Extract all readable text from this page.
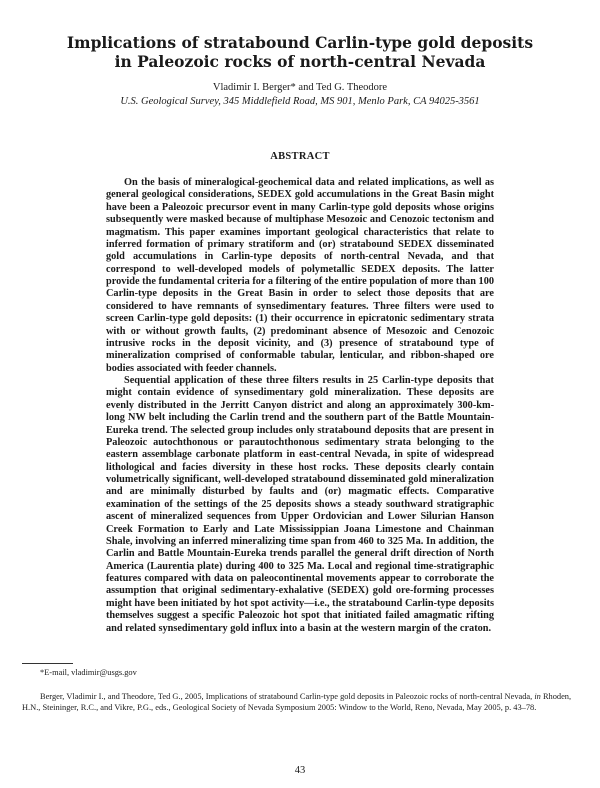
Implications of stratabound Carlin-type gold deposits
in Paleozoic rocks of north-central Nevada
Vladimir I. Berger* and Ted G. Theodore
U.S. Geological Survey, 345 Middlefield Road, MS 901, Menlo Park, CA 94025-3561
ABSTRACT

On the basis of mineralogical-geochemical data and related implications, as well as general geological considerations, SEDEX gold accumulations in the Great Basin might have been a Paleozoic precursor event in many Carlin-type gold deposits whose origins subsequently were masked because of multiphase Mesozoic and Cenozoic tectonism and magmatism. This paper examines important geological characteristics that relate to inferred formation of primary stratiform and (or) stratabound SEDEX disseminated gold accumulations in Carlin-type deposits of north-central Nevada, and that correspond to well-developed models of polymetallic SEDEX deposits. The latter provide the fundamental criteria for a filtering of the entire population of more than 100 Carlin-type deposits in the Great Basin in order to select those deposits that are considered to have remnants of synsedimentary features. Three filters were used to screen Carlin-type gold deposits: (1) their occurrence in epicratonic sedimentary strata with or without growth faults, (2) predominant absence of Mesozoic and Cenozoic intrusive rocks in the deposit vicinity, and (3) presence of stratabound type of mineralization comprised of conformable tabular, lenticular, and ribbon-shaped ore bodies associated with feeder channels.

Sequential application of these three filters results in 25 Carlin-type deposits that might contain evidence of synsedimentary gold mineralization. These deposits are evenly distributed in the Jerritt Canyon district and along an approximately 300-km-long NW belt including the Carlin trend and the southern part of the Battle Mountain-Eureka trend. The selected group includes only stratabound deposits that are present in Paleozoic autochthonous or parautochthonous sedimentary strata belonging to the eastern assemblage carbonate platform in east-central Nevada, in spite of widespread lithological and facies diversity in these host rocks. These deposits clearly contain volumetrically significant, well-developed stratabound disseminated gold mineralization and are minimally disturbed by faults and (or) magmatic effects. Comparative examination of the settings of the 25 deposits shows a steady southward stratigraphic ascent of mineralized sequences from Upper Ordovician and Lower Silurian Hanson Creek Formation to Early and Late Mississippian Joana Limestone and Chainman Shale, involving an inferred mineralizing time span from 460 to 325 Ma. In addition, the Carlin and Battle Mountain-Eureka trends parallel the general drift direction of North America (Laurentia plate) during 400 to 325 Ma. Local and regional time-stratigraphic features compared with data on paleocontinental movements appear to corroborate the assumption that original sedimentary-exhalative (SEDEX) gold ore-forming processes might have been initiated by hot spot activity—i.e., the stratabound Carlin-type deposits themselves suggest a specific Paleozoic hot spot that initiated failed amagmatic rifting and related synsedimentary gold influx into a basin at the western margin of the craton.

*E-mail, vladimir@usgs.gov

Berger, Vladimir I., and Theodore, Ted G., 2005, Implications of stratabound Carlin-type gold deposits in Paleozoic rocks of north-central Nevada, in Rhoden, H.N., Steininger, R.C., and Vikre, P.G., eds., Geological Society of Nevada Symposium 2005: Window to the World, Reno, Nevada, May 2005, p. 43–78.

43
